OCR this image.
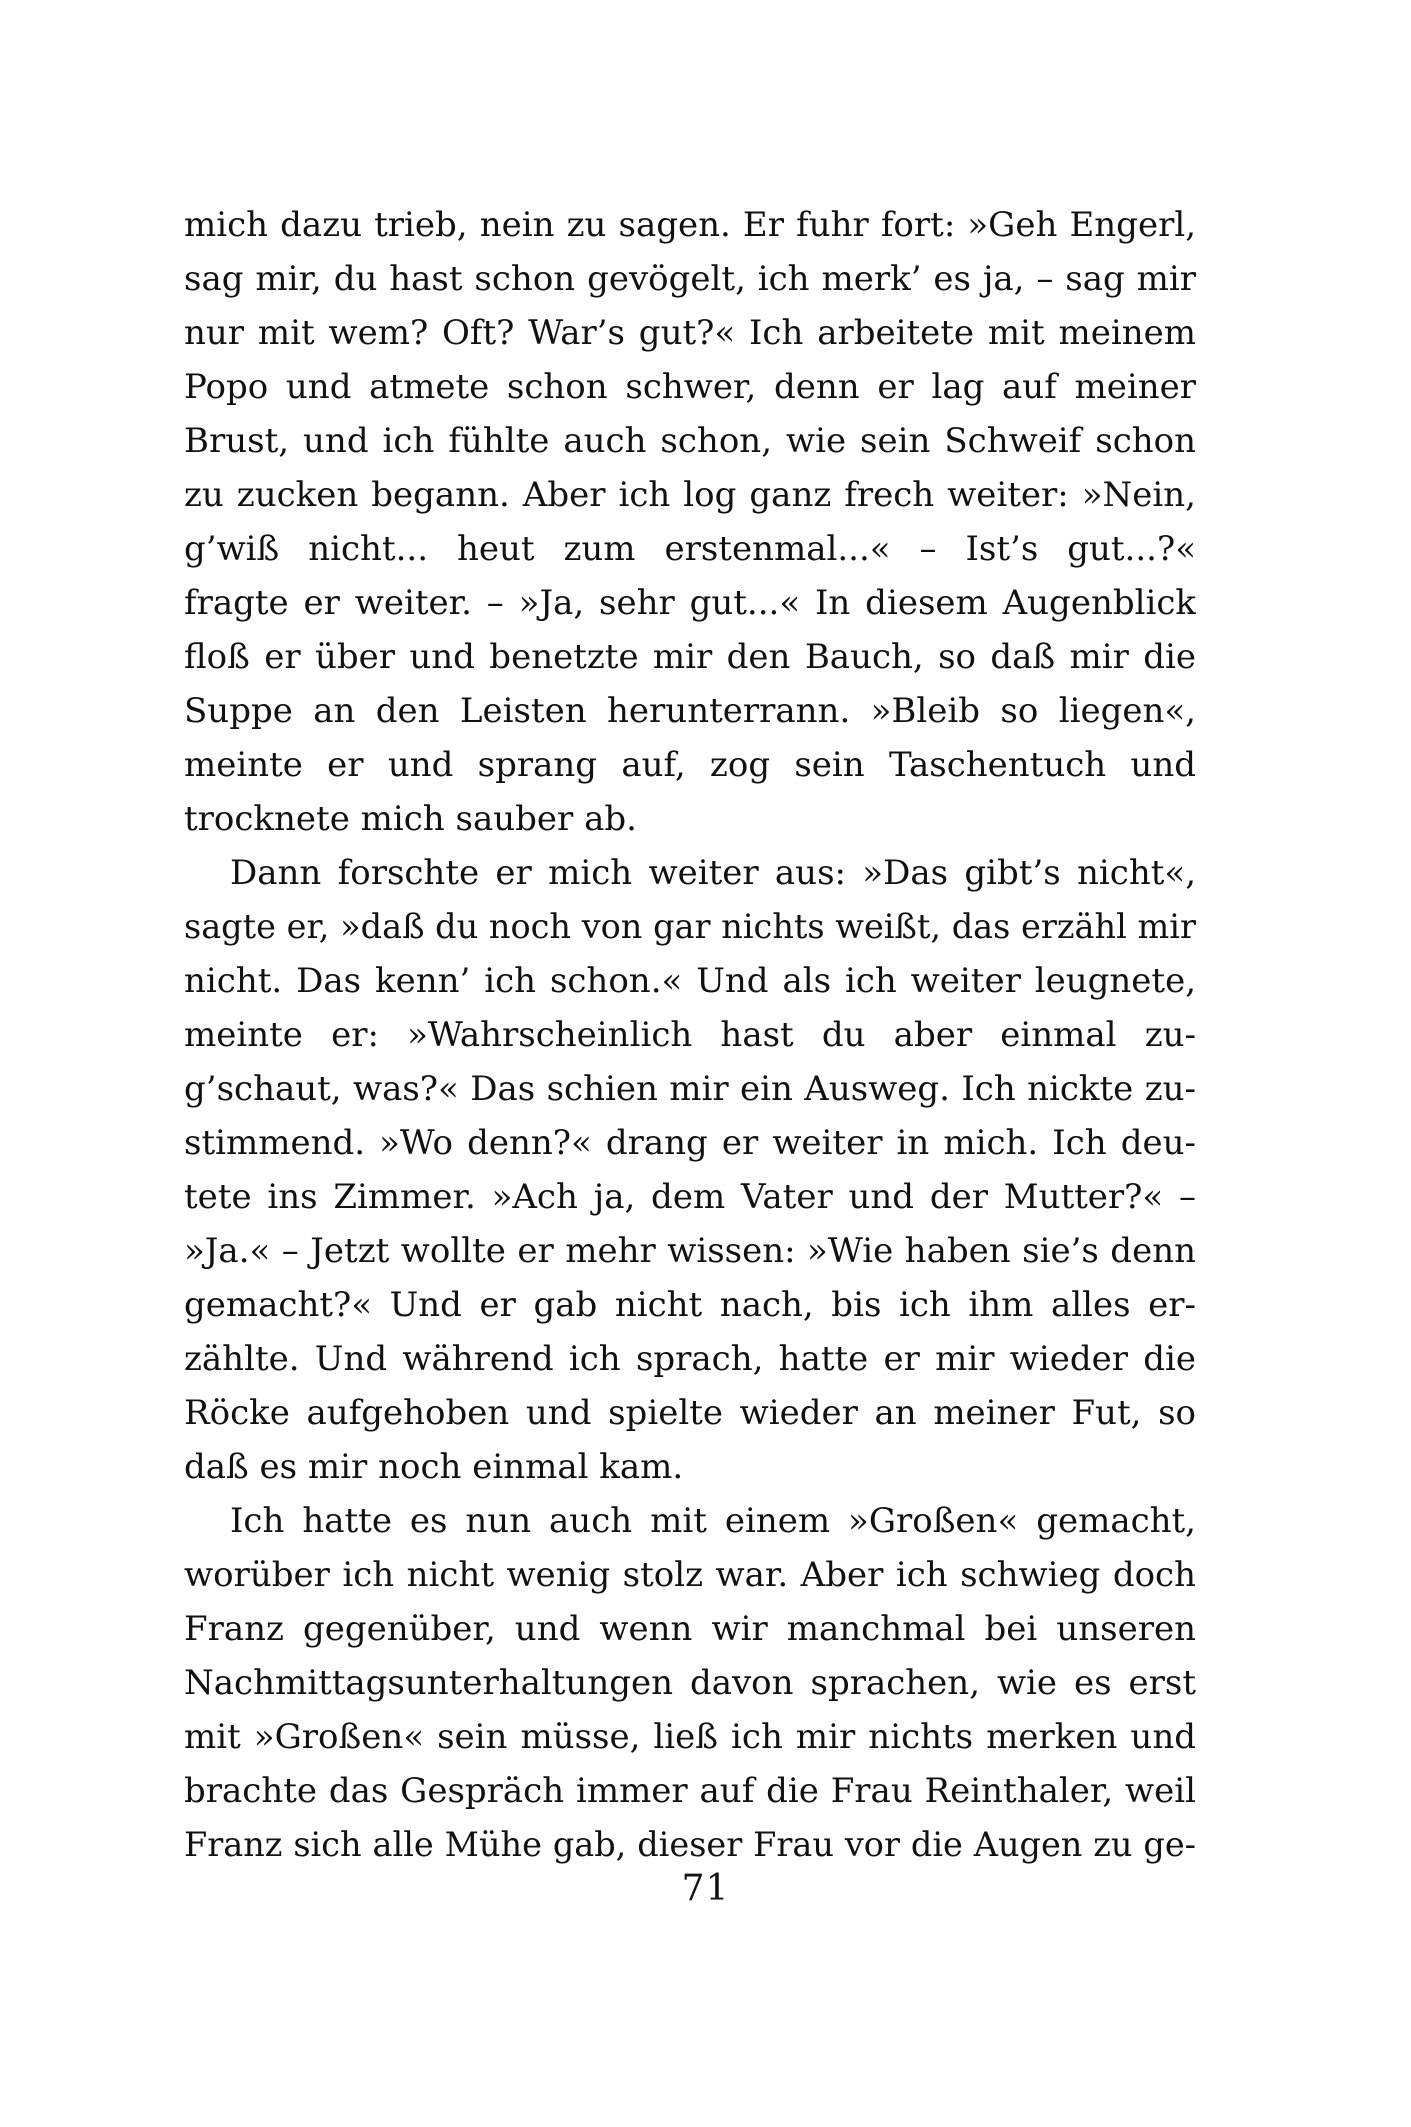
mich dazu trieb, nein zu sagen. Er fuhr fort: »Geh Engerl,
sag mir, du hast schon gevögelt, ich merk’ es ja, – sag mir
nur mit wem? Oft? War’s gut?« Ich arbeitete mit meinem
Popo und atmete schon schwer, denn er lag auf meiner
Brust, und ich fühlte auch schon, wie sein Schweif schon
zu zucken begann. Aber ich log ganz frech weiter: »Nein,
g’wiß nicht... heut zum erstenmal...« – Ist’s gut...?«
fragte er weiter. – »Ja, sehr gut...« In diesem Augenblick
floß er über und benetzte mir den Bauch, so daß mir die
Suppe an den Leisten herunterrann. »Bleib so liegen«,
meinte er und sprang auf, zog sein Taschentuch und
trocknete mich sauber ab.
Dann forschte er mich weiter aus: »Das gibt’s nicht«,
sagte er, »daß du noch von gar nichts weißt, das erzähl mir
nicht. Das kenn’ ich schon.« Und als ich weiter leugnete,
meinte er: »Wahrscheinlich hast du aber einmal zu-
g’schaut, was?« Das schien mir ein Ausweg. Ich nickte zu-
stimmend. »Wo denn?« drang er weiter in mich. Ich deu-
tete ins Zimmer. »Ach ja, dem Vater und der Mutter?« –
»Ja.« – Jetzt wollte er mehr wissen: »Wie haben sie’s denn
gemacht?« Und er gab nicht nach, bis ich ihm alles er-
zählte. Und während ich sprach, hatte er mir wieder die
Röcke aufgehoben und spielte wieder an meiner Fut, so
daß es mir noch einmal kam.
Ich hatte es nun auch mit einem »Großen« gemacht,
worüber ich nicht wenig stolz war. Aber ich schwieg doch
Franz gegenüber, und wenn wir manchmal bei unseren
Nachmittagsunterhaltungen davon sprachen, wie es erst
mit »Großen« sein müsse, ließ ich mir nichts merken und
brachte das Gespräch immer auf die Frau Reinthaler, weil
Franz sich alle Mühe gab, dieser Frau vor die Augen zu ge-
71
